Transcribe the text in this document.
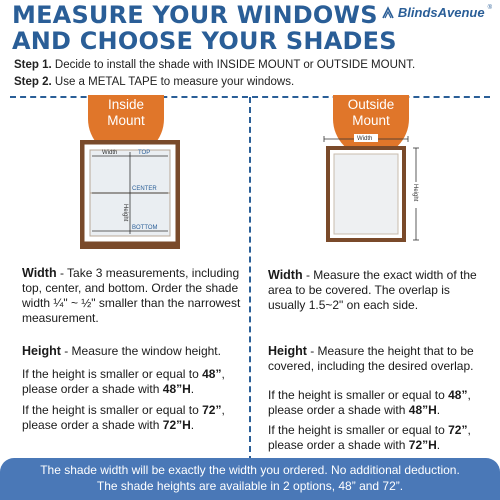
MEASURE YOUR WINDOWS
AND CHOOSE YOUR SHADES
BlindsAvenue ®
Step 1. Decide to install the shade with INSIDE MOUNT or OUTSIDE MOUNT.
Step 2. Use a METAL TAPE to measure your windows.
Inside
Mount
Outside
Mount
Width	TOP
CENTER
Height
BOTTOM
Width
Height
Width - Take 3 measurements, including top, center, and bottom. Order the shade width ¼" ~ ½" smaller than the narrowest measurement.
Height - Measure the window height.
If the height is smaller or equal to 48”, please order a shade with 48”H.
If the height is smaller or equal to 72”, please order a shade with 72”H.
Width - Measure the exact width of the area to be covered. The overlap is usually 1.5~2" on each side.
Height - Measure the height that to be covered, including the desired overlap.
If the height is smaller or equal to 48”, please order a shade with 48”H.
If the height is smaller or equal to 72”, please order a shade with 72”H.
The shade width will be exactly the width you ordered. No additional deduction.
The shade heights are available in 2 options, 48” and 72”.
